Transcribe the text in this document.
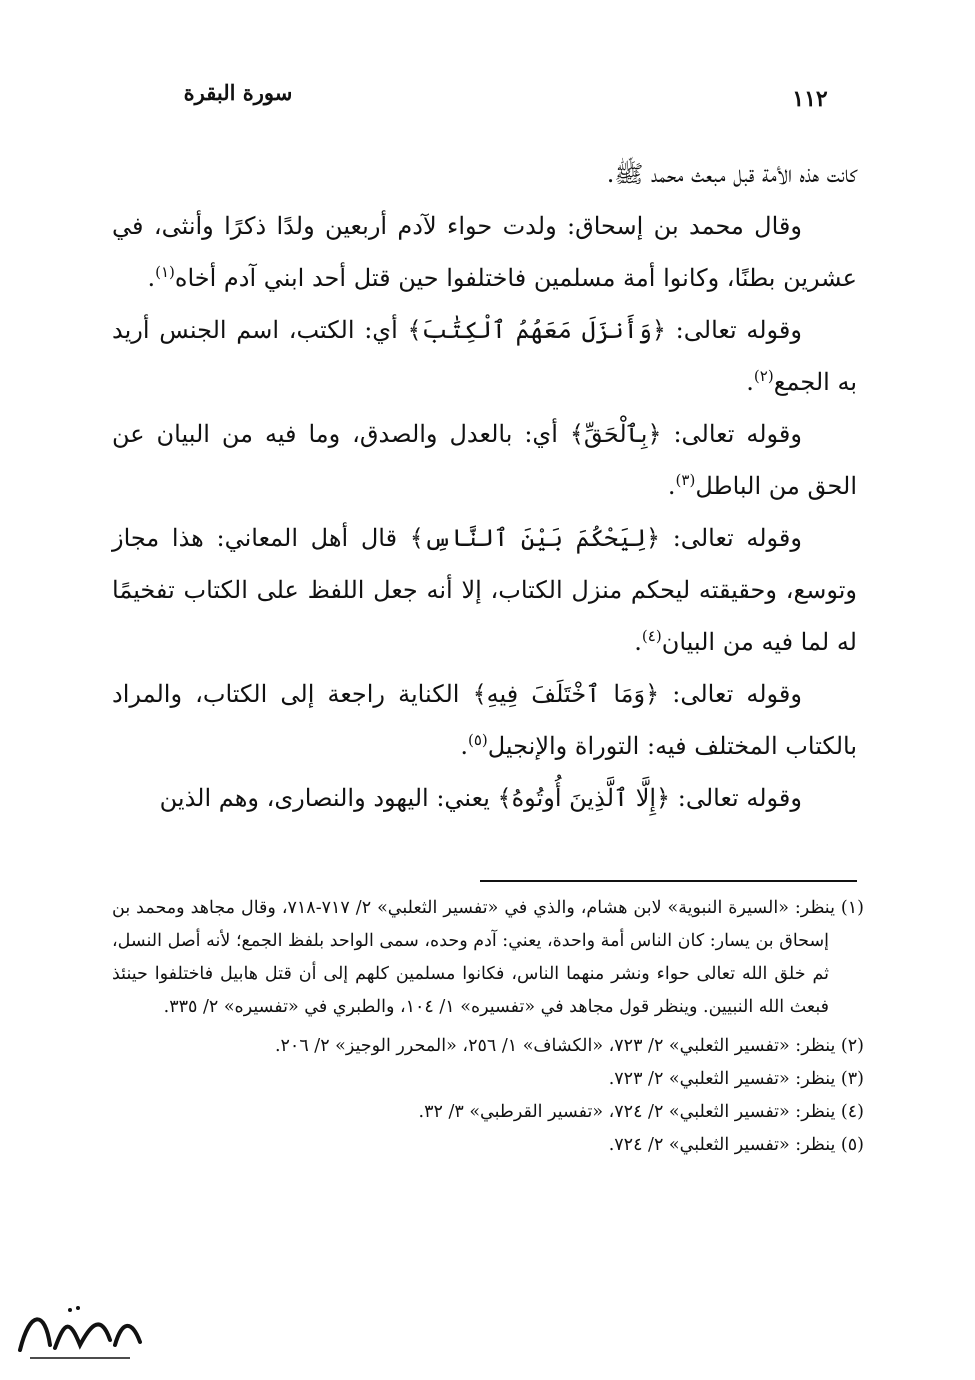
سورة البقرة	١١٢

كانت هذه الأمة قبل مبعث محمد ﷺ.

وقال محمد بن إسحاق: ولدت حواء لآدم أربعين ولدًا ذكرًا وأنثى، في عشرين بطنًا، وكانوا أمة مسلمين فاختلفوا حين قتل أحد ابني آدم أخاه$^{(١)}$.

وقوله تعالى: ﴿وَأَنزَلَ مَعَهُمُ ٱلْكِتَٰبَ﴾ أي: الكتب، اسم الجنس أريد به الجمع$^{(٢)}$.

وقوله تعالى: ﴿بِٱلْحَقِّ﴾ أي: بالعدل والصدق، وما فيه من البيان عن الحق من الباطل$^{(٣)}$.

وقوله تعالى: ﴿لِيَحْكُمَ بَيْنَ ٱلنَّاسِ﴾ قال أهل المعاني: هذا مجاز وتوسع، وحقيقته ليحكم منزل الكتاب، إلا أنه جعل اللفظ على الكتاب تفخيمًا له لما فيه من البيان$^{(٤)}$.

وقوله تعالى: ﴿وَمَا ٱخْتَلَفَ فِيهِ﴾ الكناية راجعة إلى الكتاب، والمراد بالكتاب المختلف فيه: التوراة والإنجيل$^{(٥)}$.

وقوله تعالى: ﴿إِلَّا ٱلَّذِينَ أُوتُوهُ﴾ يعني: اليهود والنصارى، وهم الذين

(١) ينظر: «السيرة النبوية» لابن هشام، والذي في «تفسير الثعلبي» ٢/ ٧١٧-٧١٨، وقال مجاهد ومحمد بن إسحاق بن يسار: كان الناس أمة واحدة، يعني: آدم وحده، سمى الواحد بلفظ الجمع؛ لأنه أصل النسل، ثم خلق الله تعالى حواء ونشر منهما الناس، فكانوا مسلمين كلهم إلى أن قتل هابيل فاختلفوا حينئذ فبعث الله النبيين. وينظر قول مجاهد في «تفسيره» ١/ ١٠٤، والطبري في «تفسيره» ٢/ ٣٣٥.

(٢) ينظر: «تفسير الثعلبي» ٢/ ٧٢٣، «الكشاف» ١/ ٢٥٦، «المحرر الوجيز» ٢/ ٢٠٦.

(٣) ينظر: «تفسير الثعلبي» ٢/ ٧٢٣.

(٤) ينظر: «تفسير الثعلبي» ٢/ ٧٢٤، «تفسير القرطبي» ٣/ ٣٢.

(٥) ينظر: «تفسير الثعلبي» ٢/ ٧٢٤.
